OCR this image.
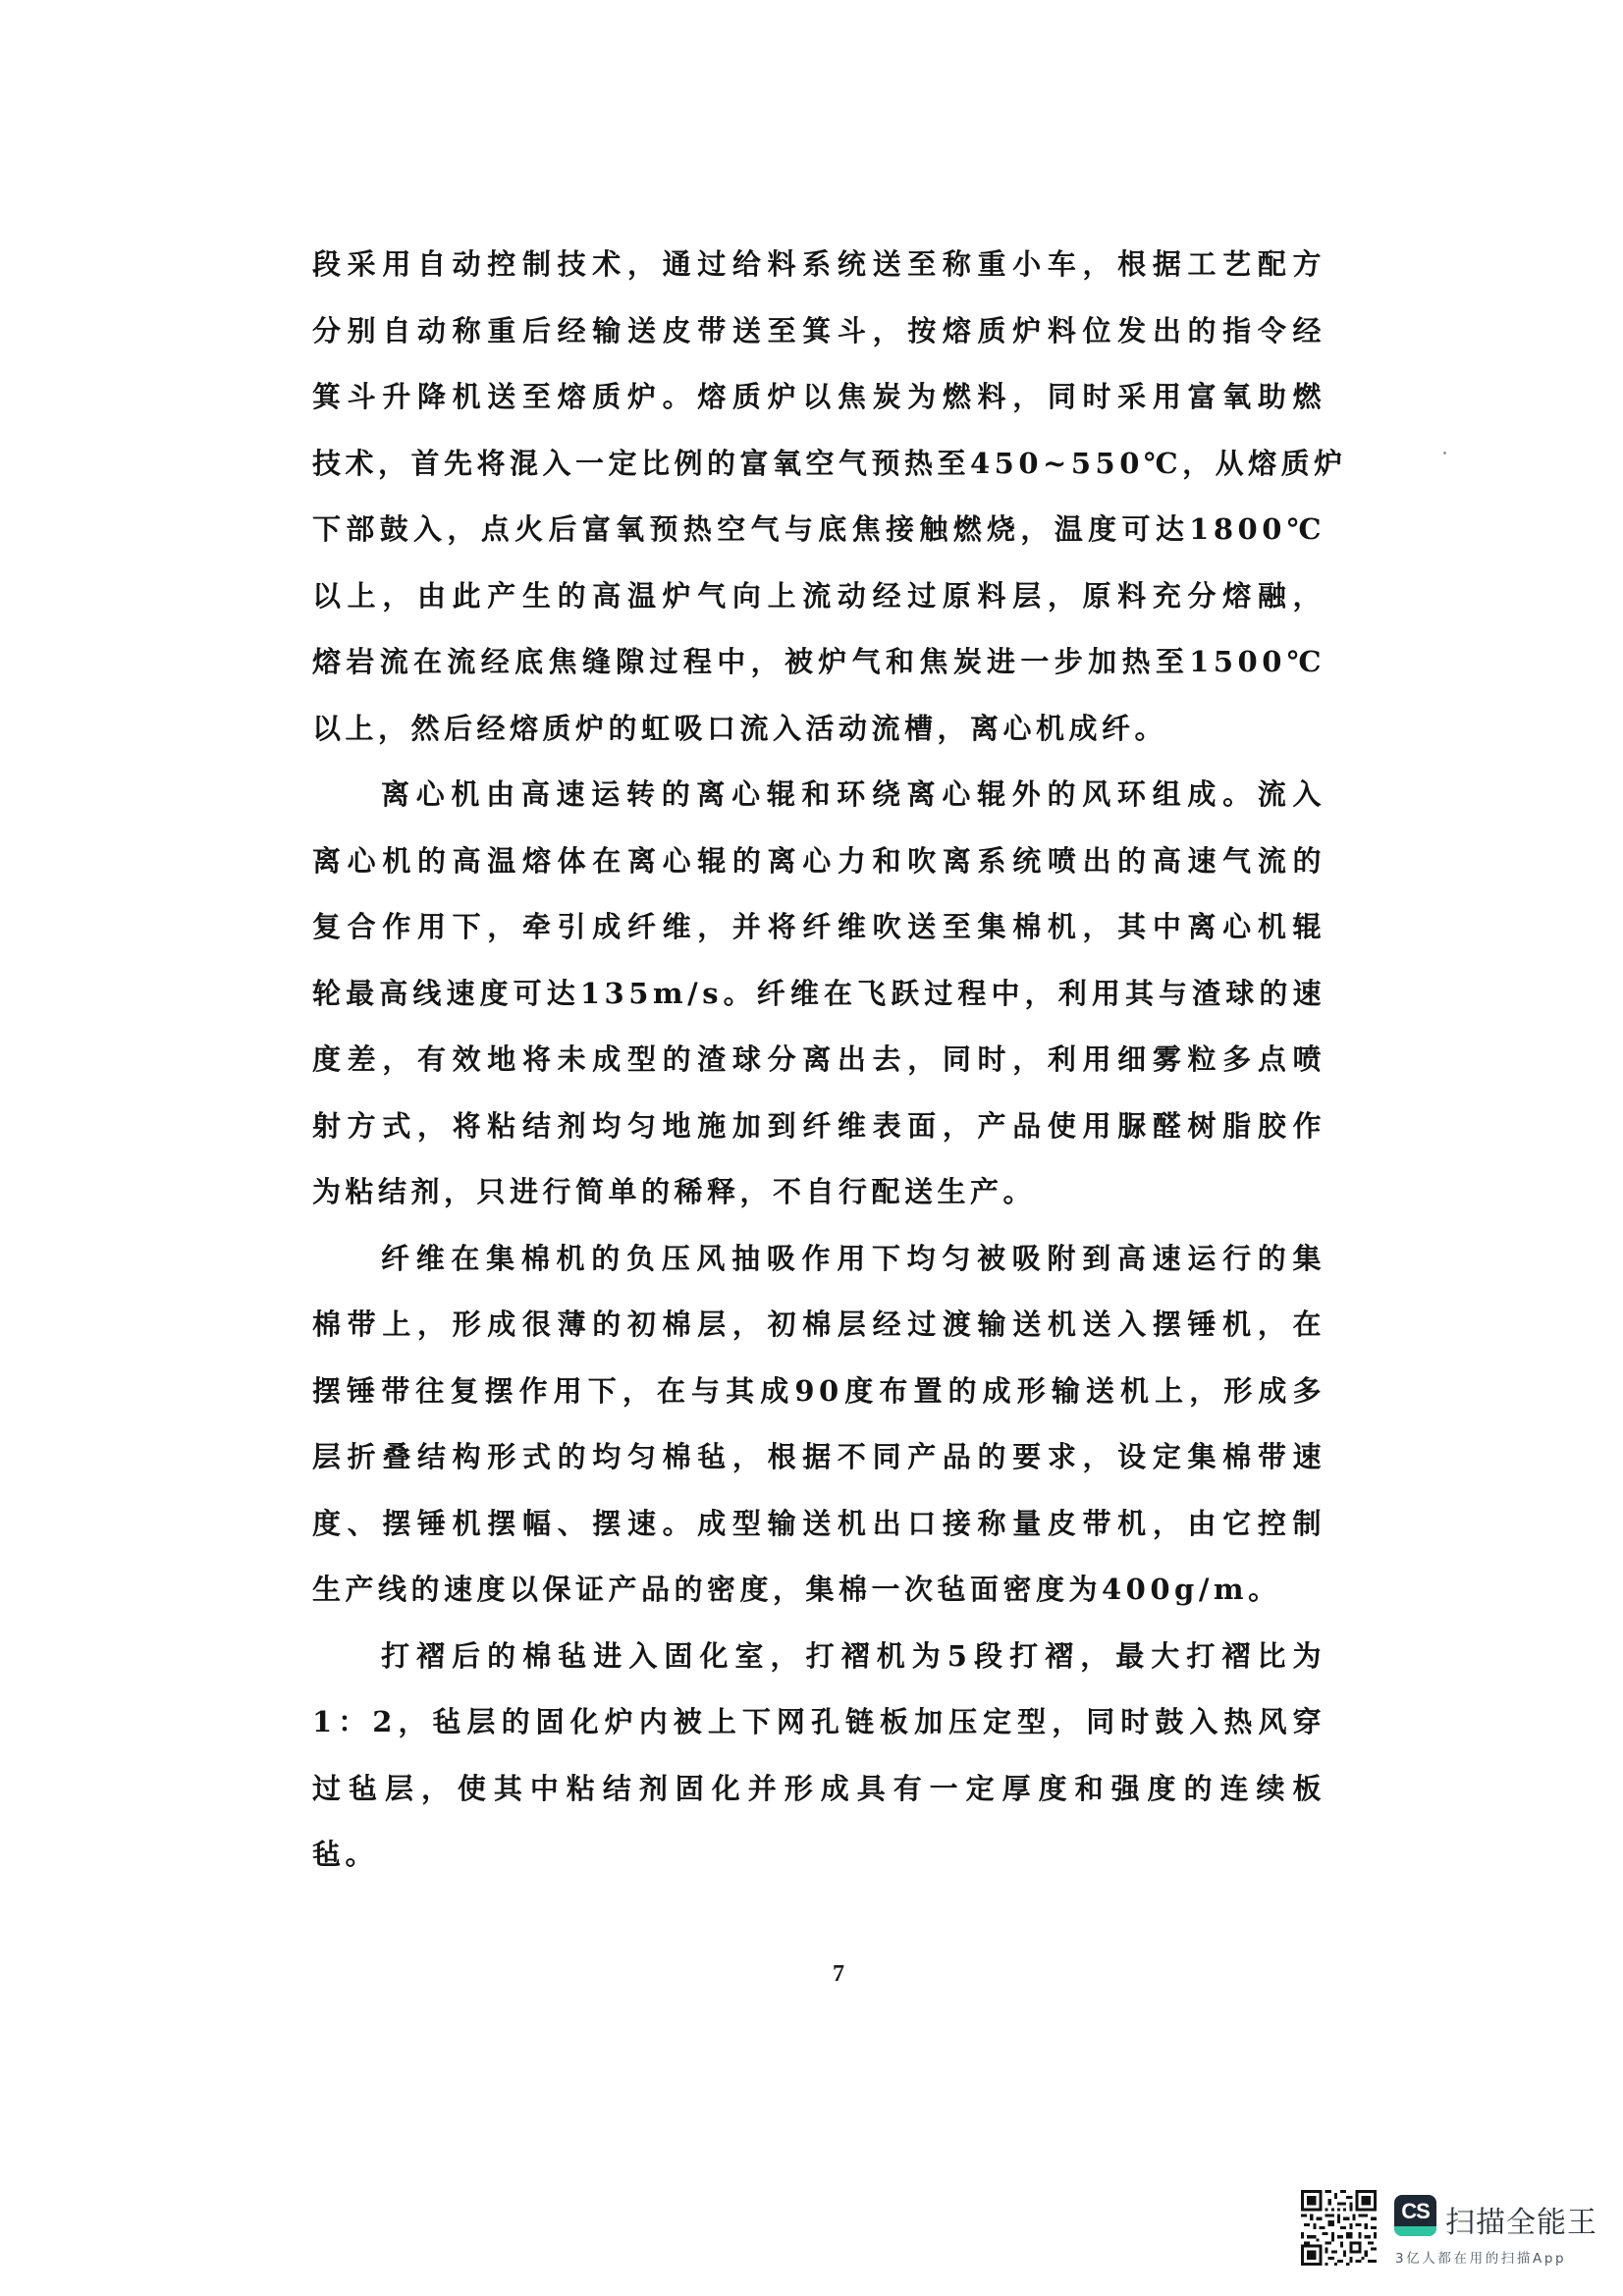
段采用自动控制技术，通过给料系统送至称重小车，根据工艺配方
分别自动称重后经输送皮带送至箕斗，按熔质炉料位发出的指令经
箕斗升降机送至熔质炉。熔质炉以焦炭为燃料，同时采用富氧助燃
技术，首先将混入一定比例的富氧空气预热至450~550℃，从熔质炉
下部鼓入，点火后富氧预热空气与底焦接触燃烧，温度可达1800℃
以上，由此产生的高温炉气向上流动经过原料层，原料充分熔融，
熔岩流在流经底焦缝隙过程中，被炉气和焦炭进一步加热至1500℃
以上，然后经熔质炉的虹吸口流入活动流槽，离心机成纤。

离心机由高速运转的离心辊和环绕离心辊外的风环组成。流入
离心机的高温熔体在离心辊的离心力和吹离系统喷出的高速气流的
复合作用下，牵引成纤维，并将纤维吹送至集棉机，其中离心机辊
轮最高线速度可达135m/s。纤维在飞跃过程中，利用其与渣球的速
度差，有效地将未成型的渣球分离出去，同时，利用细雾粒多点喷
射方式，将粘结剂均匀地施加到纤维表面，产品使用脲醛树脂胶作
为粘结剂，只进行简单的稀释，不自行配送生产。

纤维在集棉机的负压风抽吸作用下均匀被吸附到高速运行的集
棉带上，形成很薄的初棉层，初棉层经过渡输送机送入摆锤机，在
摆锤带往复摆作用下，在与其成90度布置的成形输送机上，形成多
层折叠结构形式的均匀棉毡，根据不同产品的要求，设定集棉带速
度、摆锤机摆幅、摆速。成型输送机出口接称量皮带机，由它控制
生产线的速度以保证产品的密度，集棉一次毡面密度为400g/m。

打褶后的棉毡进入固化室，打褶机为5段打褶，最大打褶比为
1：2，毡层的固化炉内被上下网孔链板加压定型，同时鼓入热风穿
过毡层，使其中粘结剂固化并形成具有一定厚度和强度的连续板
毡。

7
CS 扫描全能王
3亿人都在用的扫描App
